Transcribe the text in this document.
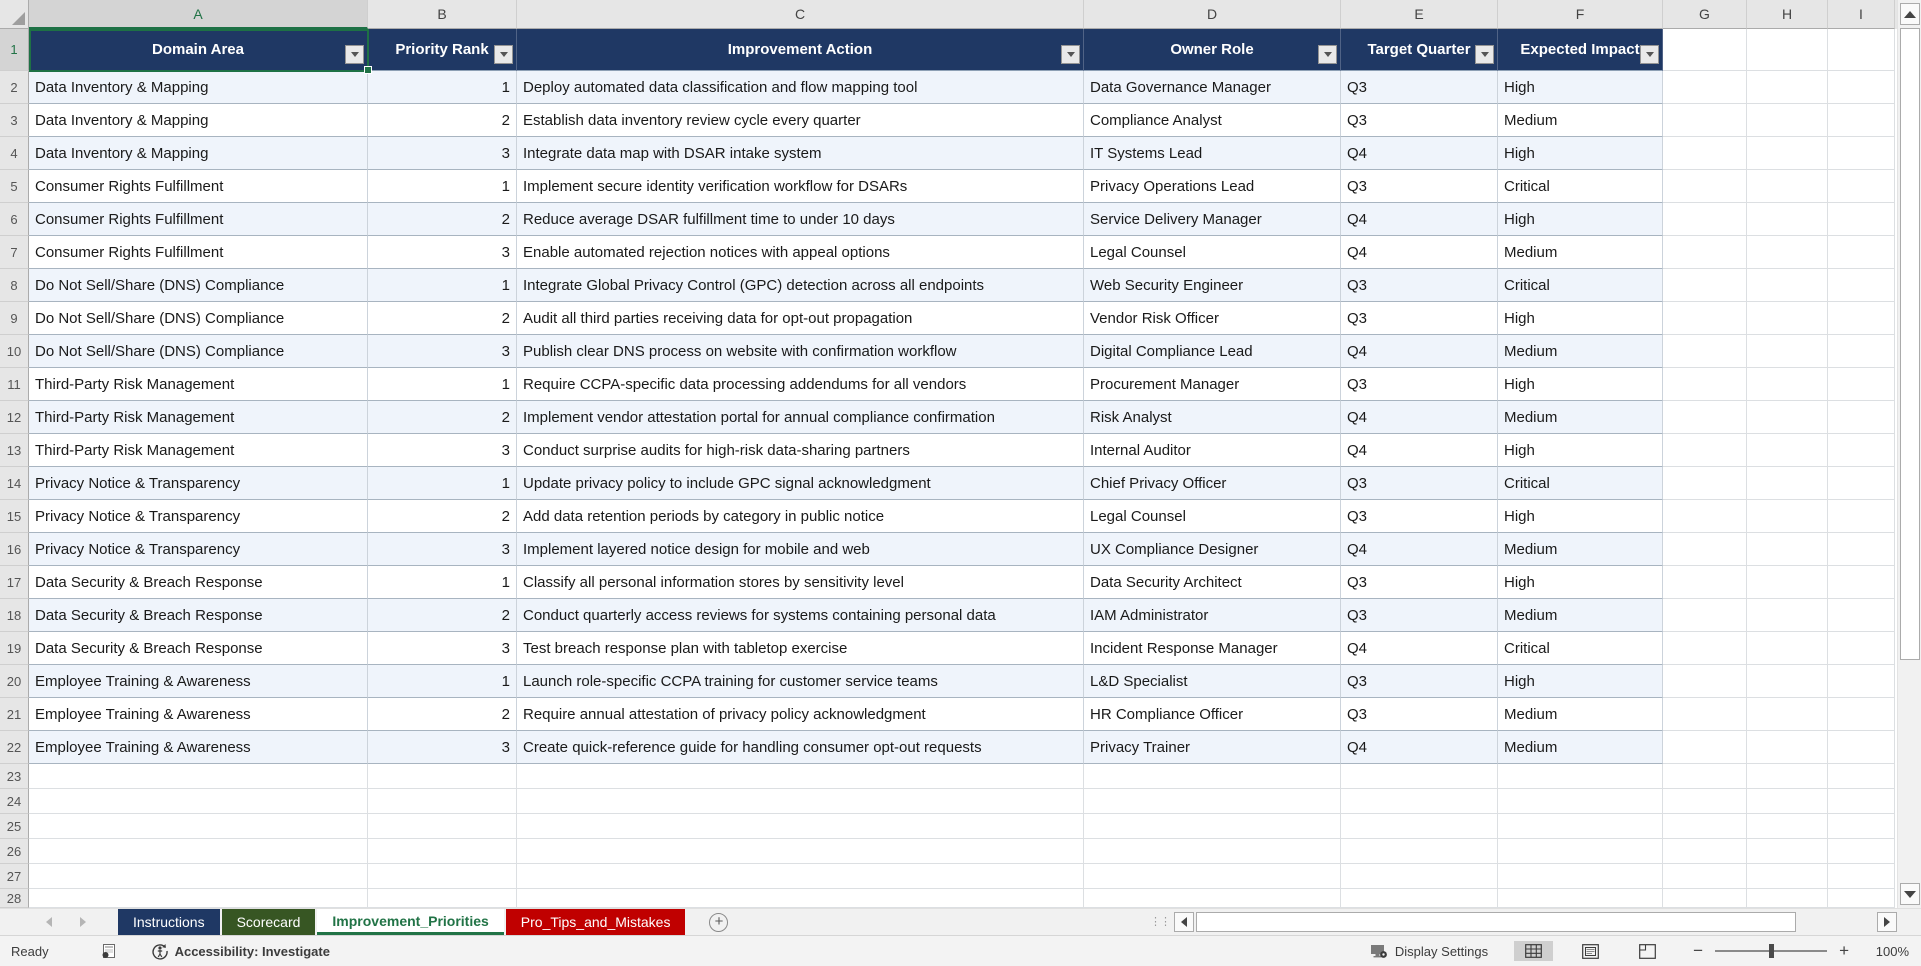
A	B	C	D	E	F	G	H	I
1	Domain Area	Priority Rank	Improvement Action	Owner Role	Target Quarter	Expected Impact
2	Data Inventory & Mapping	1 Deploy automated data classification and flow mapping tool	Data Governance Manager	Q3	High
3	Data Inventory & Mapping	2 Establish data inventory review cycle every quarter	Compliance Analyst	Q3	Medium
4	Data Inventory & Mapping	3 Integrate data map with DSAR intake system	IT Systems Lead	Q4	High
5	Consumer Rights Fulfillment	1 Implement secure identity verification workflow for DSARs	Privacy Operations Lead	Q3	Critical
6	Consumer Rights Fulfillment	2 Reduce average DSAR fulfillment time to under 10 days	Service Delivery Manager	Q4	High
7	Consumer Rights Fulfillment	3 Enable automated rejection notices with appeal options	Legal Counsel	Q4	Medium
8	Do Not Sell/Share (DNS) Compliance	1 Integrate Global Privacy Control (GPC) detection across all endpoints	Web Security Engineer	Q3	Critical
9	Do Not Sell/Share (DNS) Compliance	2 Audit all third parties receiving data for opt-out propagation	Vendor Risk Officer	Q3	High
10 Do Not Sell/Share (DNS) Compliance	3 Publish clear DNS process on website with confirmation workflow	Digital Compliance Lead	Q4	Medium
11 Third-Party Risk Management	1 Require CCPA-specific data processing addendums for all vendors	Procurement Manager	Q3	High
12 Third-Party Risk Management	2 Implement vendor attestation portal for annual compliance confirmation	Risk Analyst	Q4	Medium
13 Third-Party Risk Management	3 Conduct surprise audits for high-risk data-sharing partners	Internal Auditor	Q4	High
14 Privacy Notice & Transparency	1 Update privacy policy to include GPC signal acknowledgment	Chief Privacy Officer	Q3	Critical
15 Privacy Notice & Transparency	2 Add data retention periods by category in public notice	Legal Counsel	Q3	High
16 Privacy Notice & Transparency	3 Implement layered notice design for mobile and web	UX Compliance Designer	Q4	Medium
17 Data Security & Breach Response	1 Classify all personal information stores by sensitivity level	Data Security Architect	Q3	High
18 Data Security & Breach Response	2 Conduct quarterly access reviews for systems containing personal data	IAM Administrator	Q3	Medium
19 Data Security & Breach Response	3 Test breach response plan with tabletop exercise	Incident Response Manager	Q4	Critical
20 Employee Training & Awareness	1 Launch role-specific CCPA training for customer service teams	L&D Specialist	Q3	High
21 Employee Training & Awareness	2 Require annual attestation of privacy policy acknowledgment	HR Compliance Officer	Q3	Medium
22 Employee Training & Awareness	3 Create quick-reference guide for handling consumer opt-out requests	Privacy Trainer	Q4	Medium
23
24
25
26
27
28
Instructions	Scorecard	Improvement_Priorities	Pro_Tips_and_Mistakes	+	⋮⋮
Ready	Accessibility: Investigate	Display Settings	−	+	100%
